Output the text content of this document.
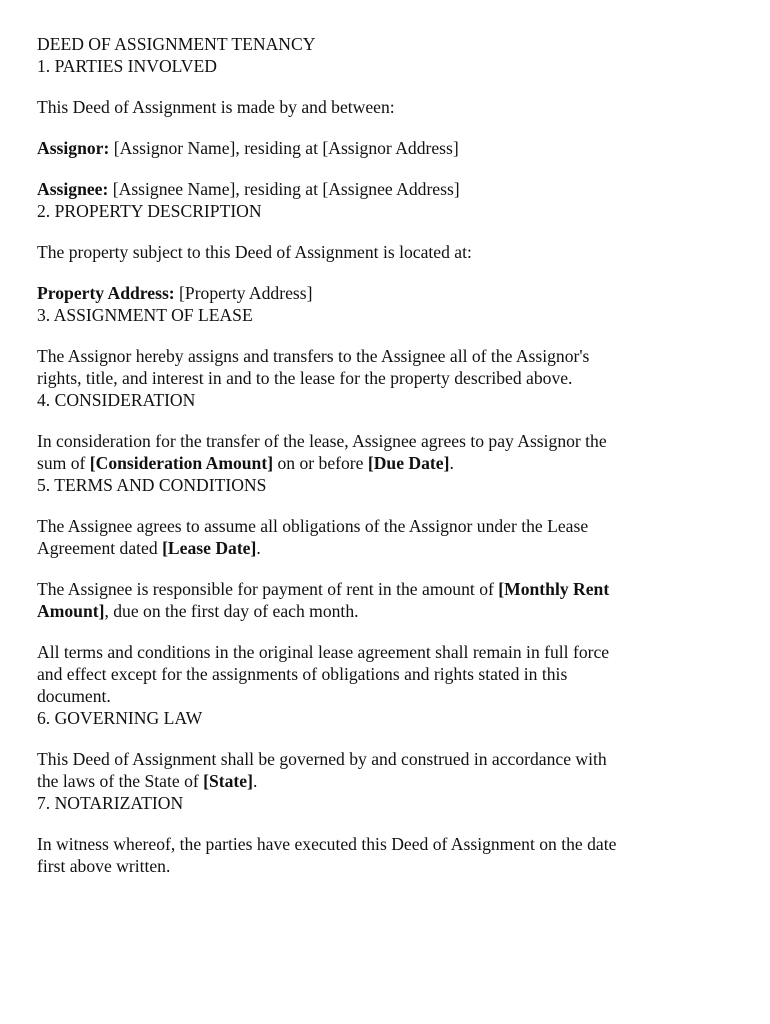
DEED OF ASSIGNMENT TENANCY

1. PARTIES INVOLVED

This Deed of Assignment is made by and between:

Assignor: [Assignor Name], residing at [Assignor Address]

Assignee: [Assignee Name], residing at [Assignee Address]

2. PROPERTY DESCRIPTION

The property subject to this Deed of Assignment is located at:

Property Address: [Property Address]

3. ASSIGNMENT OF LEASE

The Assignor hereby assigns and transfers to the Assignee all of the Assignor's

rights, title, and interest in and to the lease for the property described above.

4. CONSIDERATION

In consideration for the transfer of the lease, Assignee agrees to pay Assignor the

sum of [Consideration Amount] on or before [Due Date].

5. TERMS AND CONDITIONS

The Assignee agrees to assume all obligations of the Assignor under the Lease

Agreement dated [Lease Date].

The Assignee is responsible for payment of rent in the amount of [Monthly Rent

Amount], due on the first day of each month.

All terms and conditions in the original lease agreement shall remain in full force

and effect except for the assignments of obligations and rights stated in this

document.

6. GOVERNING LAW

This Deed of Assignment shall be governed by and construed in accordance with

the laws of the State of [State].

7. NOTARIZATION

In witness whereof, the parties have executed this Deed of Assignment on the date

first above written.
